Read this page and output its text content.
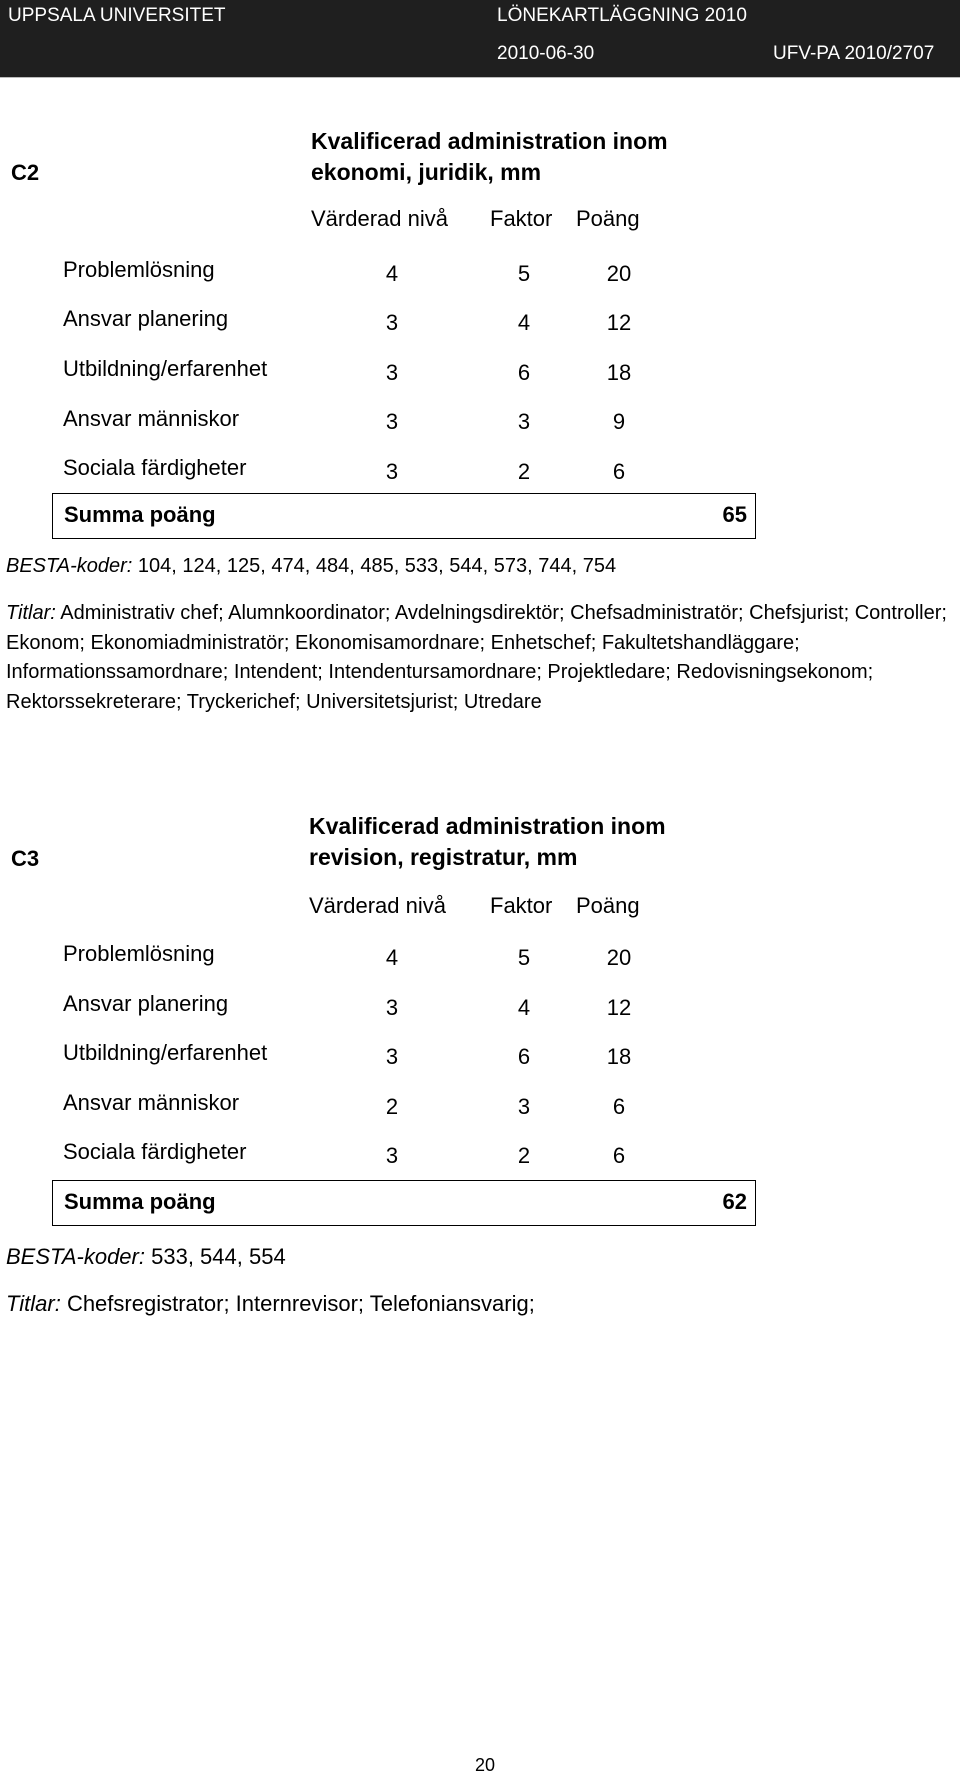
UPPSALA UNIVERSITET	LÖNEKARTLÄGGNING 2010
2010-06-30	UFV-PA 2010/2707
C2
Kvalificerad administration inom ekonomi, juridik, mm
Värderad nivå Faktor Poäng
Problemlösning	4	5	20
Ansvar planering	3	4	12
Utbildning/erfarenhet	3	6	18
Ansvar människor	3	3	9
Sociala färdigheter	3	2	6
Summa poäng	65
BESTA-koder: 104, 124, 125, 474, 484, 485, 533, 544, 573, 744, 754
Titlar: Administrativ chef; Alumnkoordinator; Avdelningsdirektör; Chefsadministratör; Chefsjurist; Controller; Ekonom; Ekonomiadministratör; Ekonomisamordnare; Enhetschef; Fakultetshandläggare; Informationssamordnare; Intendent; Intendentursamordnare; Projektledare; Redovisningsekonom; Rektorssekreterare; Tryckerichef; Universitetsjurist; Utredare
C3
Kvalificerad administration inom revision, registratur, mm
Värderad nivå Faktor Poäng
Problemlösning	4	5	20
Ansvar planering	3	4	12
Utbildning/erfarenhet	3	6	18
Ansvar människor	2	3	6
Sociala färdigheter	3	2	6
Summa poäng	62
BESTA-koder: 533, 544, 554
Titlar: Chefsregistrator; Internrevisor; Telefoniansvarig;
20
